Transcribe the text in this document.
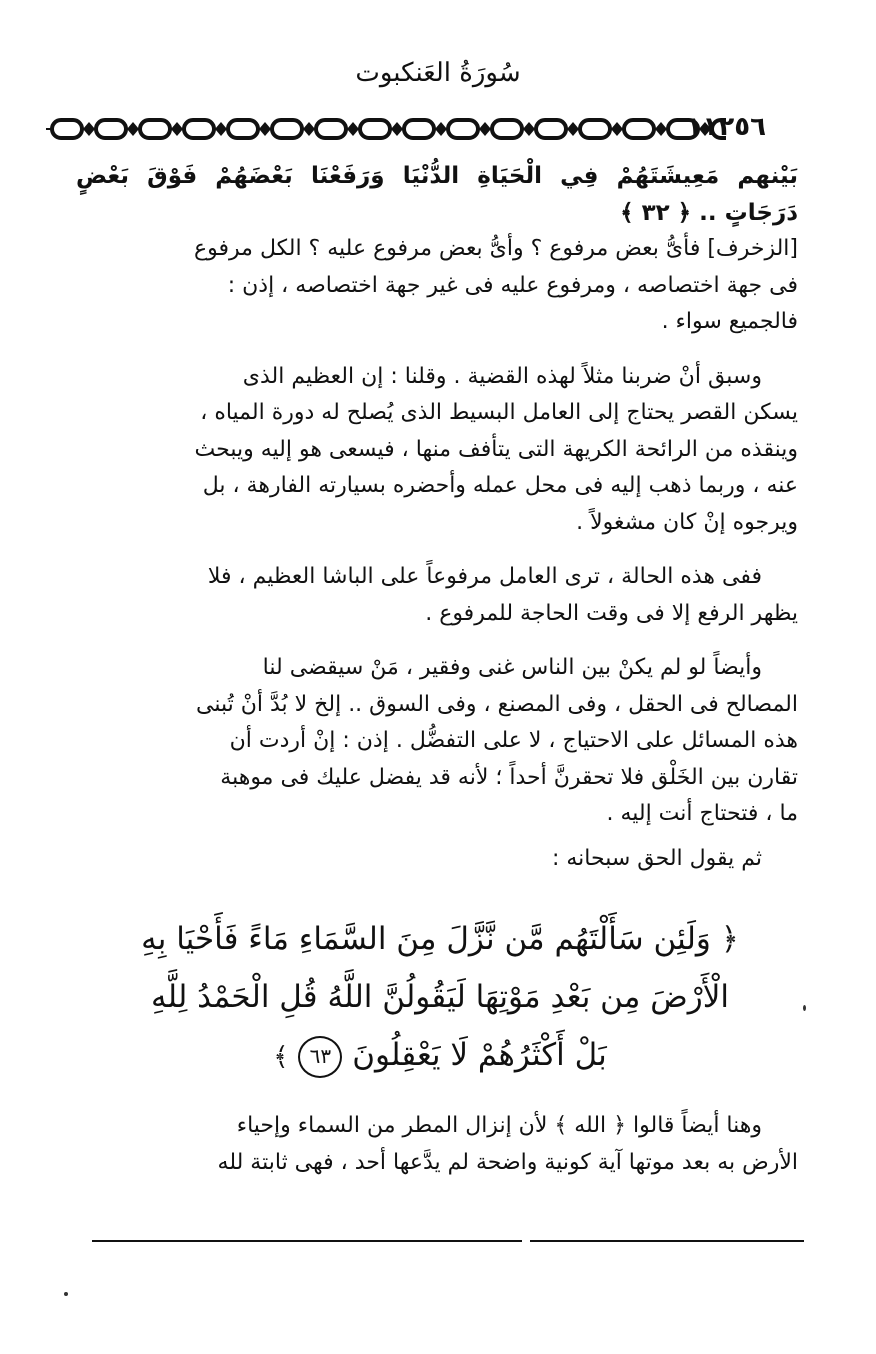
سُورَةُ العَنكبوت
١١٢٥٦

بَيْنهم مَعِيشَتَهُمْ فِي الْحَيَاةِ الدُّنْيَا وَرَفَعْنَا بَعْضَهُمْ فَوْقَ بَعْضٍ دَرَجَاتٍ .. ﴿ ٣٢ ﴾

[الزخرف] فأىُّ بعض مرفوع ؟ وأىُّ بعض مرفوع عليه ؟ الكل مرفوع

فى جهة اختصاصه ، ومرفوع عليه فى غير جهة اختصاصه ، إذن :

فالجميع سواء .

وسبق أنْ ضربنا مثلاً لهذه القضية . وقلنا : إن العظيم الذى

يسكن القصر يحتاج إلى العامل البسيط الذى يُصلح له دورة المياه ،

وينقذه من الرائحة الكريهة التى يتأفف منها ، فيسعى هو إليه ويبحث

عنه ، وربما ذهب إليه فى محل عمله وأحضره بسيارته الفارهة ، بل

ويرجوه إنْ كان مشغولاً .

ففى هذه الحالة ، ترى العامل مرفوعاً على الباشا العظيم ، فلا

يظهر الرفع إلا فى وقت الحاجة للمرفوع .

وأيضاً لو لم يكنْ بين الناس غنى وفقير ، مَنْ سيقضى لنا

المصالح فى الحقل ، وفى المصنع ، وفى السوق .. إلخ لا بُدَّ أنْ تُبنى

هذه المسائل على الاحتياج ، لا على التفضُّل . إذن : إنْ أردت أن

تقارن بين الخَلْق فلا تحقرنَّ أحداً ؛ لأنه قد يفضل عليك فى موهبة

ما ، فتحتاج أنت إليه .

ثم يقول الحق سبحانه :

﴿ وَلَئِن سَأَلْتَهُم مَّن نَّزَّلَ مِنَ السَّمَاءِ مَاءً فَأَحْيَا بِهِ
الْأَرْضَ مِن بَعْدِ مَوْتِهَا لَيَقُولُنَّ اللَّهُ قُلِ الْحَمْدُ لِلَّهِ
بَلْ أَكْثَرُهُمْ لَا يَعْقِلُونَ ٦٣ ﴾

وهنا أيضاً قالوا ﴿ الله ﴾ لأن إنزال المطر من السماء وإحياء

الأرض به بعد موتها آية كونية واضحة لم يدَّعها أحد ، فهى ثابتة لله
